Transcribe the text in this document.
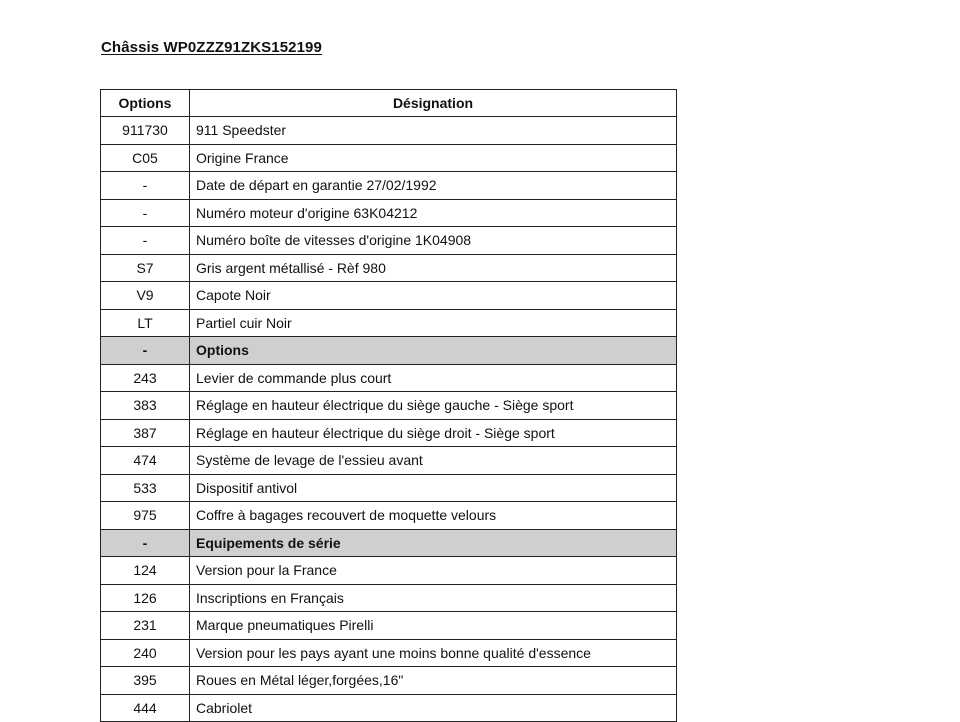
Châssis WP0ZZZ91ZKS152199
Options	Désignation
911730	911 Speedster
C05	Origine France
-	Date de départ en garantie 27/02/1992
-	Numéro moteur d'origine 63K04212
-	Numéro boîte de vitesses d'origine 1K04908
S7	Gris argent métallisé - Rèf 980
V9	Capote Noir
LT	Partiel cuir Noir
-	Options
243	Levier de commande plus court
383	Réglage en hauteur électrique du siège gauche - Siège sport
387	Réglage en hauteur électrique du siège droit - Siège sport
474	Système de levage de l'essieu avant
533	Dispositif antivol
975	Coffre à bagages recouvert de moquette velours
-	Equipements de série
124	Version pour la France
126	Inscriptions en Français
231	Marque pneumatiques Pirelli
240	Version pour les pays ayant une moins bonne qualité d'essence
395	Roues en Métal léger,forgées,16"
444	Cabriolet
